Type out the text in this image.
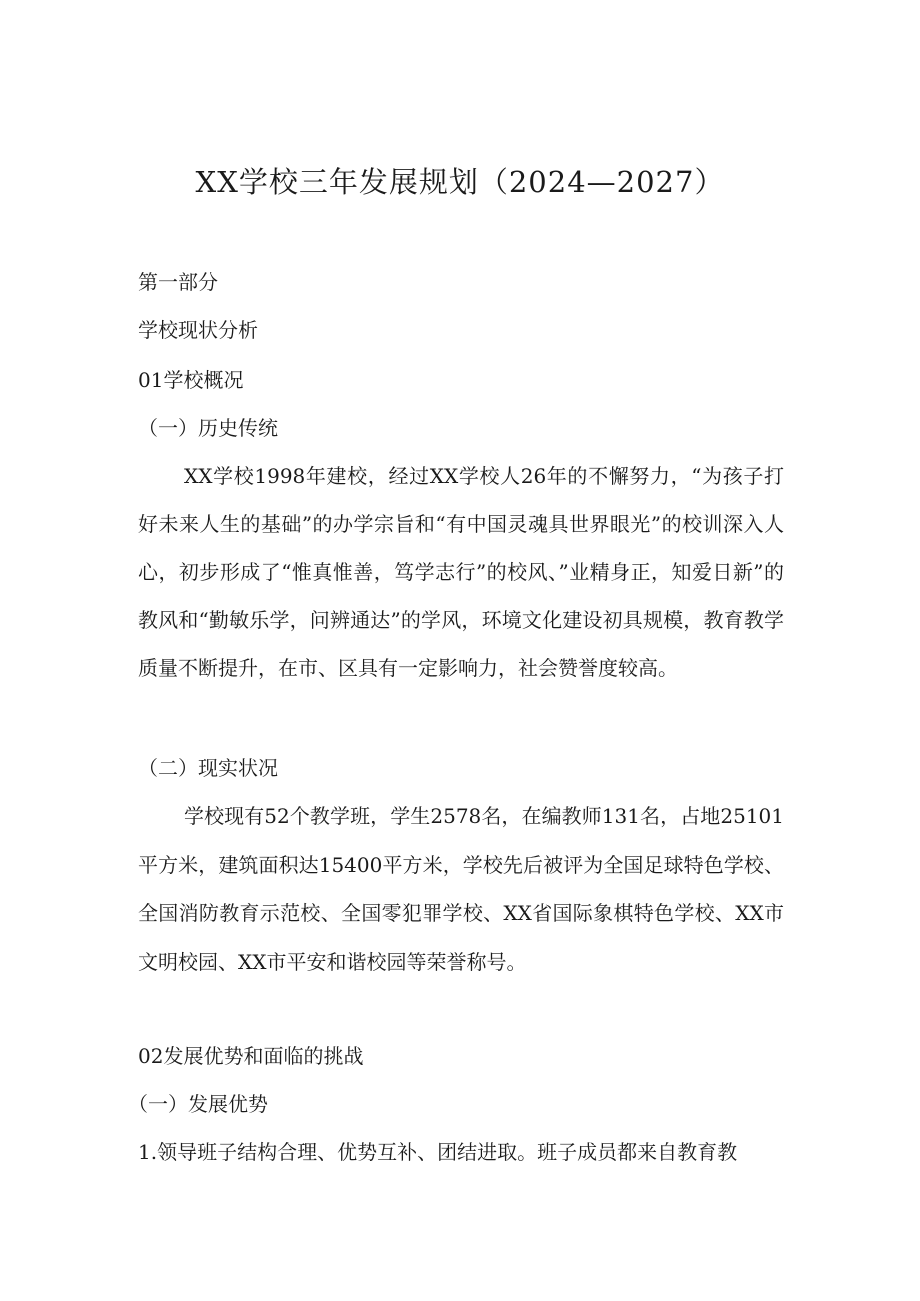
XX学校三年发展规划（2024—2027）
第一部分
学校现状分析
01学校概况
（一）历史传统
XX学校1998年建校，经过XX学校人26年的不懈努力，“为孩子打好未来人生的基础”的办学宗旨和“有中国灵魂具世界眼光”的校训深入人心，初步形成了“惟真惟善，笃学志行”的校风、”业精身正，知爱日新”的教风和“勤敏乐学，问辨通达”的学风，环境文化建设初具规模，教育教学质量不断提升，在市、区具有一定影响力，社会赞誉度较高。
（二）现实状况
学校现有52个教学班，学生2578名，在编教师131名，占地25101平方米，建筑面积达15400平方米，学校先后被评为全国足球特色学校、全国消防教育示范校、全国零犯罪学校、XX省国际象棋特色学校、XX市文明校园、XX市平安和谐校园等荣誉称号。
02发展优势和面临的挑战
（一）发展优势
1.领导班子结构合理、优势互补、团结进取。班子成员都来自教育教
